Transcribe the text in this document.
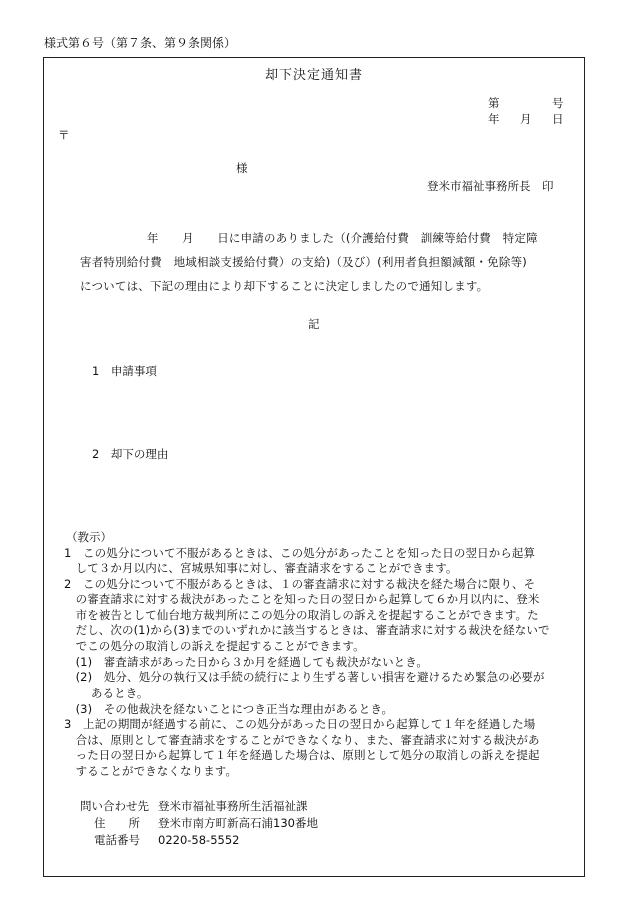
様式第６号（第７条、第９条関係）
却下決定通知書
第	号
年 月 日
〒
様
登米市福祉事務所長　印
年　　月　　日に申請のありました（(介護給付費　訓練等給付費　特定障
害者特別給付費　地域相談支援給付費）の支給)（及び）(利用者負担額減額・免除等)
については、下記の理由により却下することに決定しましたので通知します。
記
1　申請事項
2　却下の理由
（教示）
1　この処分について不服があるときは、この処分があったことを知った日の翌日から起算
　して３か月以内に、宮城県知事に対し、審査請求をすることができます。
2　この処分について不服があるときは、１の審査請求に対する裁決を経た場合に限り、そ
　の審査請求に対する裁決があったことを知った日の翌日から起算して６か月以内に、登米
　市を被告として仙台地方裁判所にこの処分の取消しの訴えを提起することができます。た
　だし、次の(1)から(3)までのいずれかに該当するときは、審査請求に対する裁決を経ないで
　でこの処分の取消しの訴えを提起することができます。
　(1)　審査請求があった日から３か月を経過しても裁決がないとき。
　(2)　処分、処分の執行又は手続の続行により生ずる著しい損害を避けるため緊急の必要が
　　 あるとき。
　(3)　その他裁決を経ないことにつき正当な理由があるとき。
3　上記の期間が経過する前に、この処分があった日の翌日から起算して１年を経過した場
　合は、原則として審査請求をすることができなくなり、また、審査請求に対する裁決があ
　った日の翌日から起算して１年を経過した場合は、原則として処分の取消しの訴えを提起
　することができなくなります。
問い合わせ先 登米市福祉事務所生活福祉課
住　　所 登米市南方町新高石浦130番地
電話番号 0220-58-5552
